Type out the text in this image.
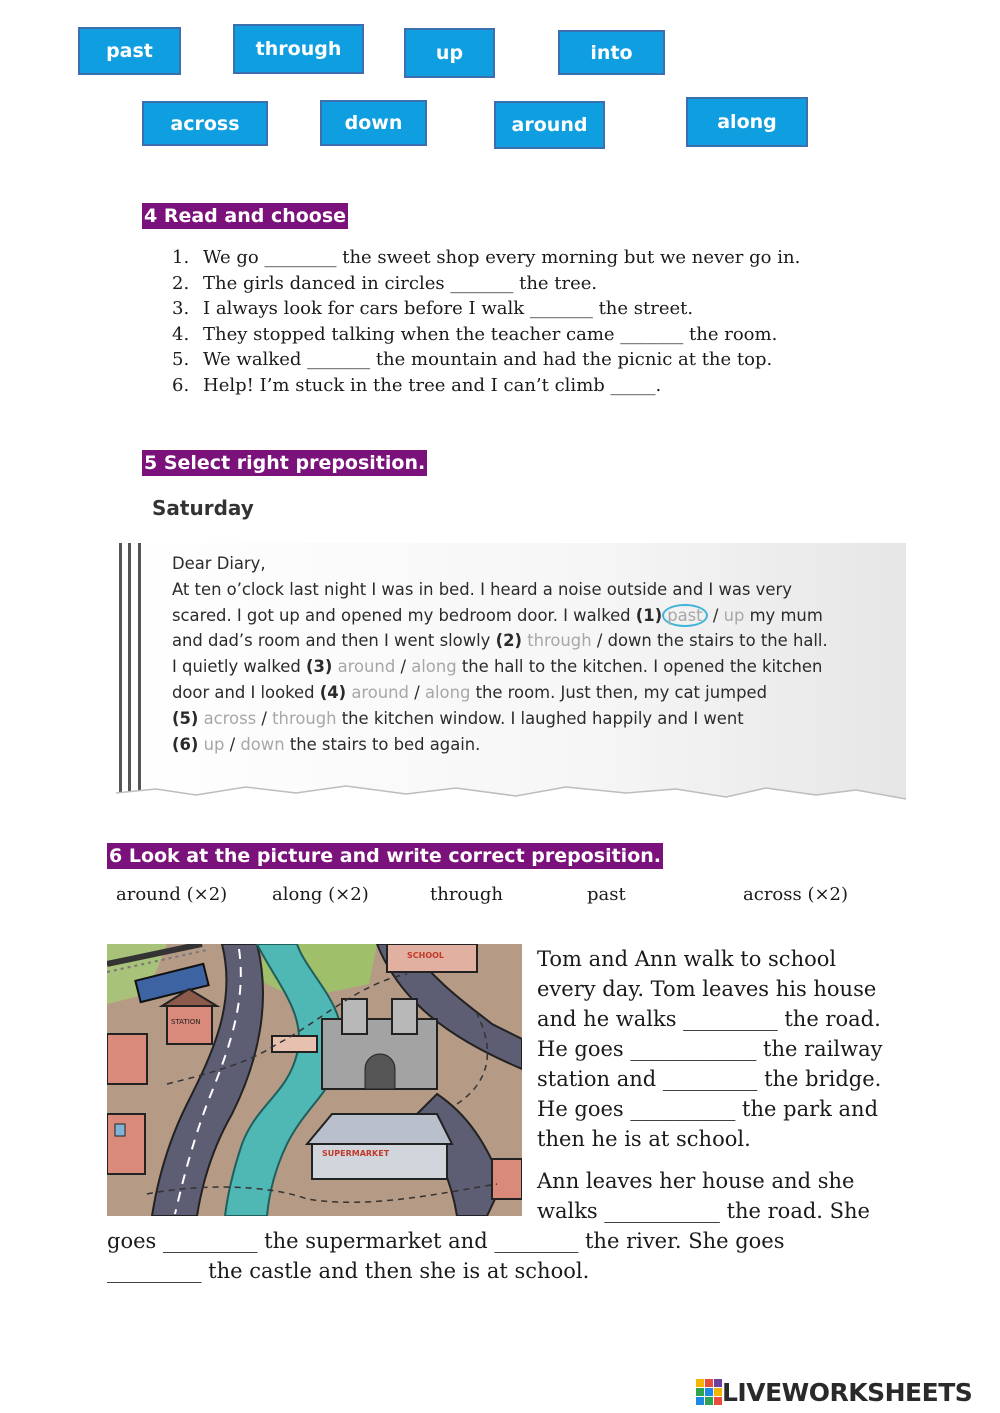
past	through	up	into
across	down	around	along
4 Read and choose
1. We go ________ the sweet shop every morning but we never go in.
2. The girls danced in circles _______ the tree.
3. I always look for cars before I walk _______ the street.
4. They stopped talking when the teacher came _______ the room.
5. We walked _______ the mountain and had the picnic at the top.
6. Help! I’m stuck in the tree and I can’t climb _____.
5 Select right preposition.
Saturday
Dear Diary,
At ten o’clock last night I was in bed. I heard a noise outside and I was very
scared. I got up and opened my bedroom door. I walked (1) past / up my mum
and dad’s room and then I went slowly (2) through / down the stairs to the hall.
I quietly walked (3) around / along the hall to the kitchen. I opened the kitchen
door and I looked (4) around / along the room. Just then, my cat jumped
(5) across / through the kitchen window. I laughed happily and I went
(6) up / down the stairs to bed again.
6 Look at the picture and write correct preposition.
around (×2) along (×2)	through	past	across (×2)
STATION
SCHOOL
SUPERMARKET
Tom and Ann walk to school
every day. Tom leaves his house
and he walks _________ the road.
He goes ____________ the railway
station and _________ the bridge.
He goes __________ the park and
then he is at school.
Ann leaves her house and she
walks ___________ the road. She
goes _________ the supermarket and ________ the river. She goes
_________ the castle and then she is at school.
LIVEWORKSHEETS
